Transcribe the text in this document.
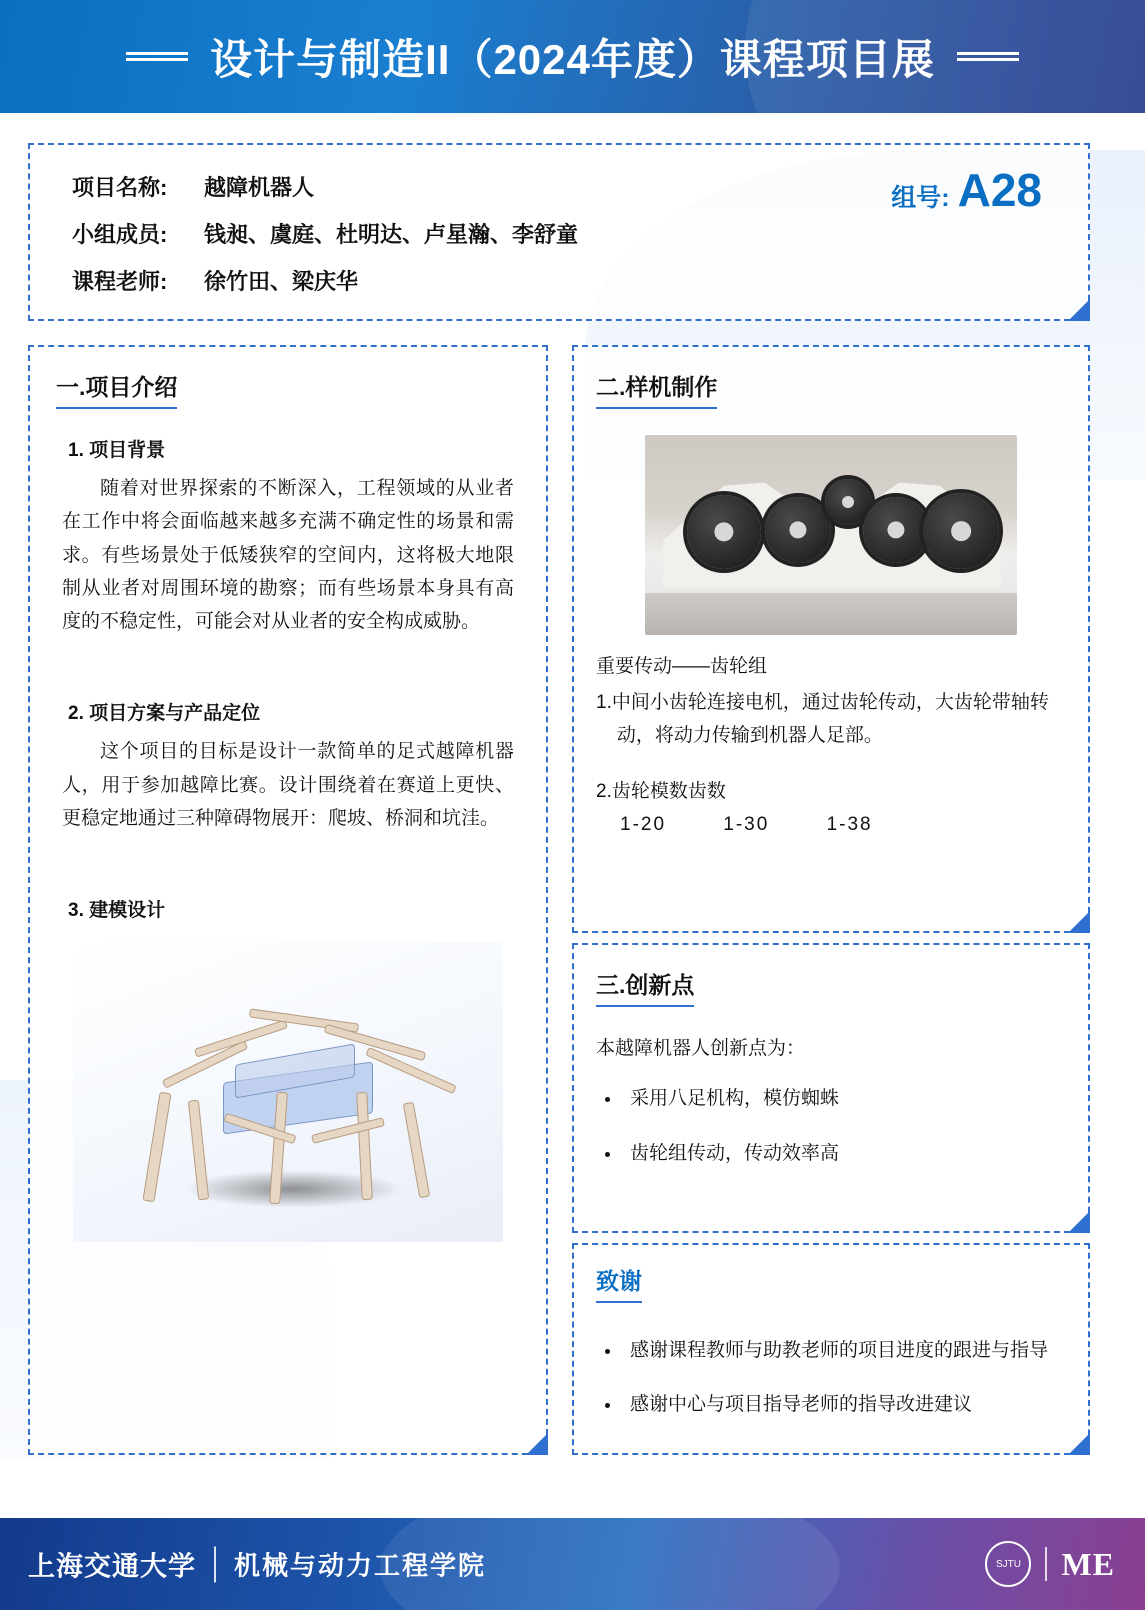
设计与制造II（2024年度）课程项目展
项目名称:	越障机器人
小组成员:	钱昶、虞庭、杜明达、卢星瀚、李舒童
课程老师:	徐竹田、梁庆华
组号: A28
一.项目介绍
1. 项目背景

随着对世界探索的不断深入，工程领域的从业者在工作中将会面临越来越多充满不确定性的场景和需求。有些场景处于低矮狭窄的空间内，这将极大地限制从业者对周围环境的勘察；而有些场景本身具有高度的不稳定性，可能会对从业者的安全构成威胁。

2. 项目方案与产品定位

这个项目的目标是设计一款简单的足式越障机器人，用于参加越障比赛。设计围绕着在赛道上更快、更稳定地通过三种障碍物展开：爬坡、桥洞和坑洼。

3. 建模设计
二.样机制作

重要传动——齿轮组

1.中间小齿轮连接电机，通过齿轮传动，大齿轮带轴转动，将动力传输到机器人足部。

2.齿轮模数齿数

1-20	1-30	1-38
三.创新点

本越障机器人创新点为：

• 采用八足机构，模仿蜘蛛
• 齿轮组传动，传动效率高
致谢
• 感谢课程教师与助教老师的项目进度的跟进与指导
• 感谢中心与项目指导老师的指导改进建议
上海交通大学 机械与动力工程学院	SJTU	ME
